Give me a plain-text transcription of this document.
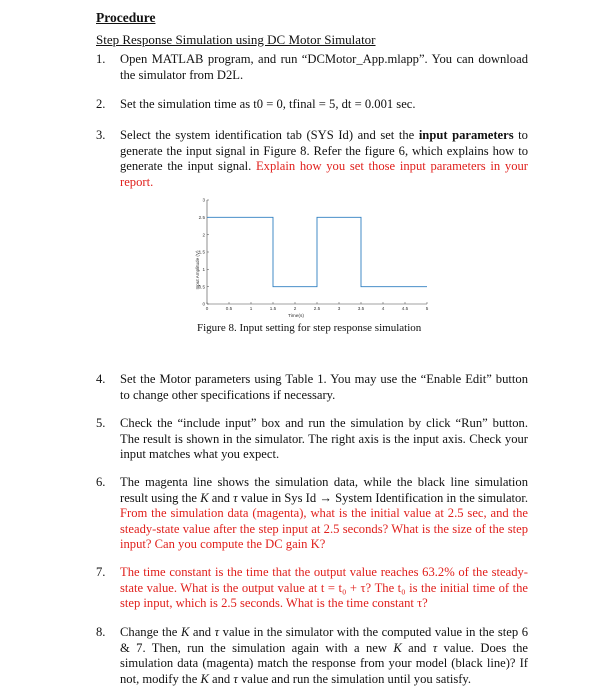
Procedure
Step Response Simulation using DC Motor Simulator
1. Open MATLAB program, and run “DCMotor_App.mlapp”. You can download the simulator from D2L.
2. Set the simulation time as t0 = 0, tfinal = 5, dt = 0.001 sec.
3. Select the system identification tab (SYS Id) and set the input parameters to generate the input signal in Figure 8. Refer the figure 6, which explains how to generate the input signal. Explain how you set those input parameters in your report.
Input Amplitude (V)
Time(s)
0	0.5	1	1.5	2	2.5	3	3.5	4	4.5	5
0
0.5
1
1.5
2
2.5
3
Figure 8. Input setting for step response simulation
4. Set the Motor parameters using Table 1. You may use the “Enable Edit” button to change other specifications if necessary.
5. Check the “include input” box and run the simulation by click “Run” button. The result is shown in the simulator. The right axis is the input axis. Check your input matches what you expect.
6. The magenta line shows the simulation data, while the black line simulation result using the K and τ value in Sys Id → System Identification in the simulator. From the simulation data (magenta), what is the initial value at 2.5 sec, and the steady-state value after the step input at 2.5 seconds? What is the size of the step input? Can you compute the DC gain K?
7. The time constant is the time that the output value reaches 63.2% of the steady-state value. What is the output value at t = t₀ + τ? The t₀ is the initial time of the step input, which is 2.5 seconds. What is the time constant τ?
8. Change the K and τ value in the simulator with the computed value in the step 6 & 7. Then, run the simulation again with a new K and τ value. Does the simulation data (magenta) match the response from your model (black line)? If not, modify the K and τ value and run the simulation until you satisfy.
